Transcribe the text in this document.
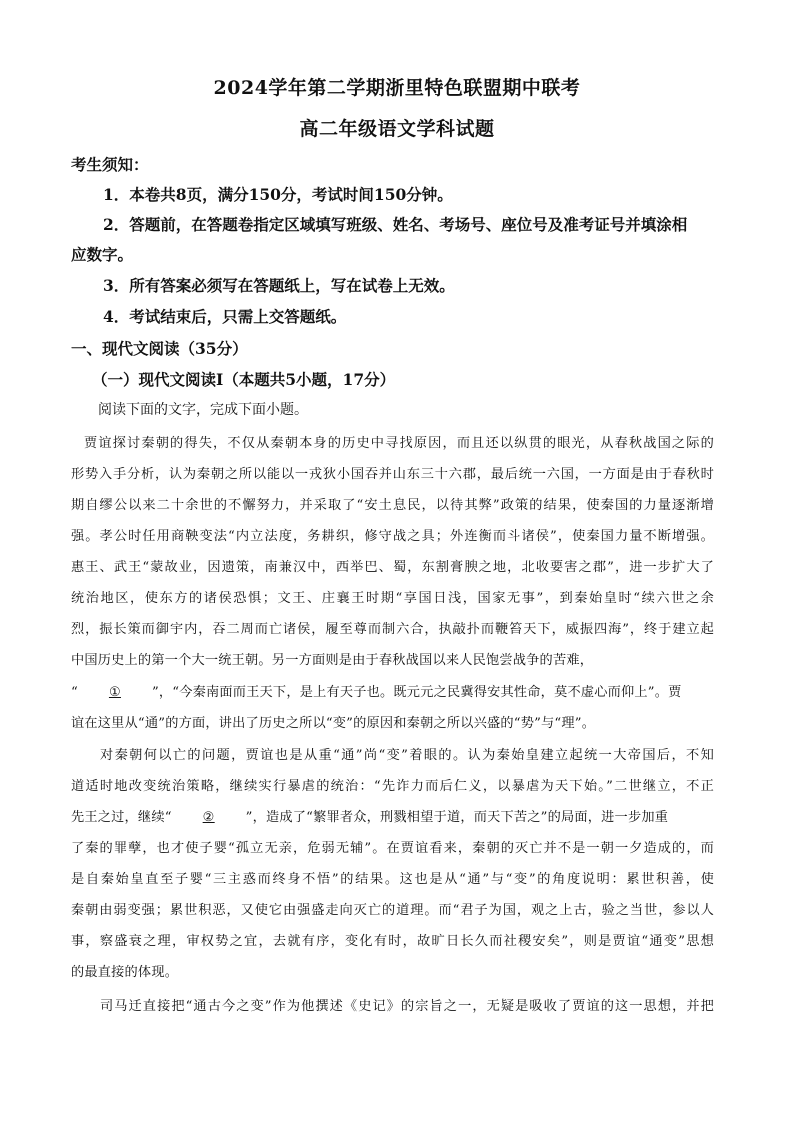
2024学年第二学期浙里特色联盟期中联考
高二年级语文学科试题
考生须知：
1．本卷共8页，满分150分，考试时间150分钟。
2．答题前，在答题卷指定区域填写班级、姓名、考场号、座位号及准考证号并填涂相
应数字。
3．所有答案必须写在答题纸上，写在试卷上无效。
4．考试结束后，只需上交答题纸。
一、现代文阅读（35分）
（一）现代文阅读Ⅰ（本题共5小题，17分）
阅读下面的文字，完成下面小题。
贾谊探讨秦朝的得失，不仅从秦朝本身的历史中寻找原因，而且还以纵贯的眼光，从春秋战国之际的
形势入手分析，认为秦朝之所以能以一戎狄小国吞并山东三十六郡，最后统一六国，一方面是由于春秋时
期自缪公以来二十余世的不懈努力，并采取了“安土息民，以待其弊”政策的结果，使秦国的力量逐渐增
强。孝公时任用商鞅变法“内立法度，务耕织，修守战之具；外连衡而斗诸侯”，使秦国力量不断增强。
惠王、武王“蒙故业，因遗策，南兼汉中，西举巴、蜀，东割膏腴之地，北收要害之郡”，进一步扩大了
统治地区，使东方的诸侯恐惧；文王、庄襄王时期“享国日浅，国家无事”，到秦始皇时“续六世之余
烈，振长策而御宇内，吞二周而亡诸侯，履至尊而制六合，执敲扑而鞭笞天下，威振四海”，终于建立起
中国历史上的第一个大一统王朝。另一方面则是由于春秋战国以来人民饱尝战争的苦难，
“ ① ”，“今秦南面而王天下，是上有天子也。既元元之民冀得安其性命，莫不虚心而仰上”。贾
谊在这里从“通”的方面，讲出了历史之所以“变”的原因和秦朝之所以兴盛的“势”与“理”。
对秦朝何以亡的问题，贾谊也是从重“通”尚“变”着眼的。认为秦始皇建立起统一大帝国后，不知
道适时地改变统治策略，继续实行暴虐的统治：“先诈力而后仁义，以暴虐为天下始。”二世继立，不正
先王之过，继续“ ② ”，造成了“繁罪者众，刑戮相望于道，而天下苦之”的局面，进一步加重
了秦的罪孽，也才使子婴“孤立无亲，危弱无辅”。在贾谊看来，秦朝的灭亡并不是一朝一夕造成的，而
是自秦始皇直至子婴“三主惑而终身不悟”的结果。这也是从“通”与“变”的角度说明：累世积善，使
秦朝由弱变强；累世积恶，又使它由强盛走向灭亡的道理。而“君子为国，观之上古，验之当世，参以人
事，察盛衰之理，审权势之宜，去就有序，变化有时，故旷日长久而社稷安矣”，则是贾谊“通变”思想
的最直接的体现。
司马迁直接把“通古今之变”作为他撰述《史记》的宗旨之一，无疑是吸收了贾谊的这一思想，并把
